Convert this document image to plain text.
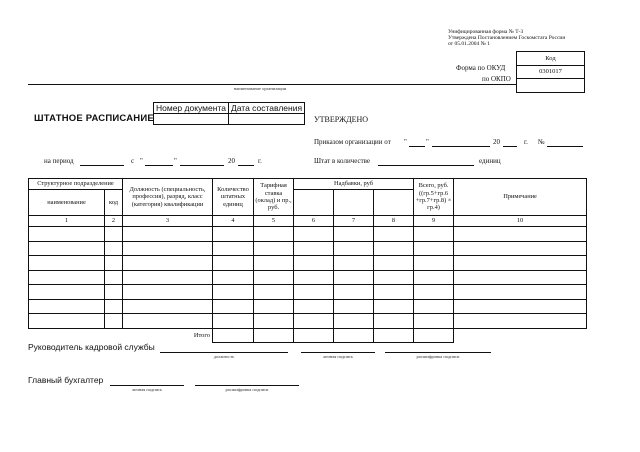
Унифицированная форма № Т-3
Утверждена Постановлением Госкомстата России
от 05.01.2004 № 1
Код
0301017

Форма по ОКУД
по ОКПО
наименование организации
ШТАТНОЕ РАСПИСАНИЕ
Номер документа	Дата составления

УТВЕРЖДЕНО
Приказом организации от "	"	20	г. №
на период	с "	"	20	г.	Штат в количестве	единиц
Структурное подразделение		Должность (специальность, профессия), разряд, класс (категория) квалификации	Количество штатных единиц	Тарифная ставка (оклад) и пр., руб.	Надбавки, руб			Всего, руб. ((гр.5+гр.6 +гр.7+гр.8) × гр.4)	Примечание
наименование	код								
1	2	3	4	5	6	7	8	9	10

Итого									
Руководитель кадровой службы
должность	личная подпись	расшифровка подписи
Главный бухгалтер
личная подпись	расшифровка подписи
